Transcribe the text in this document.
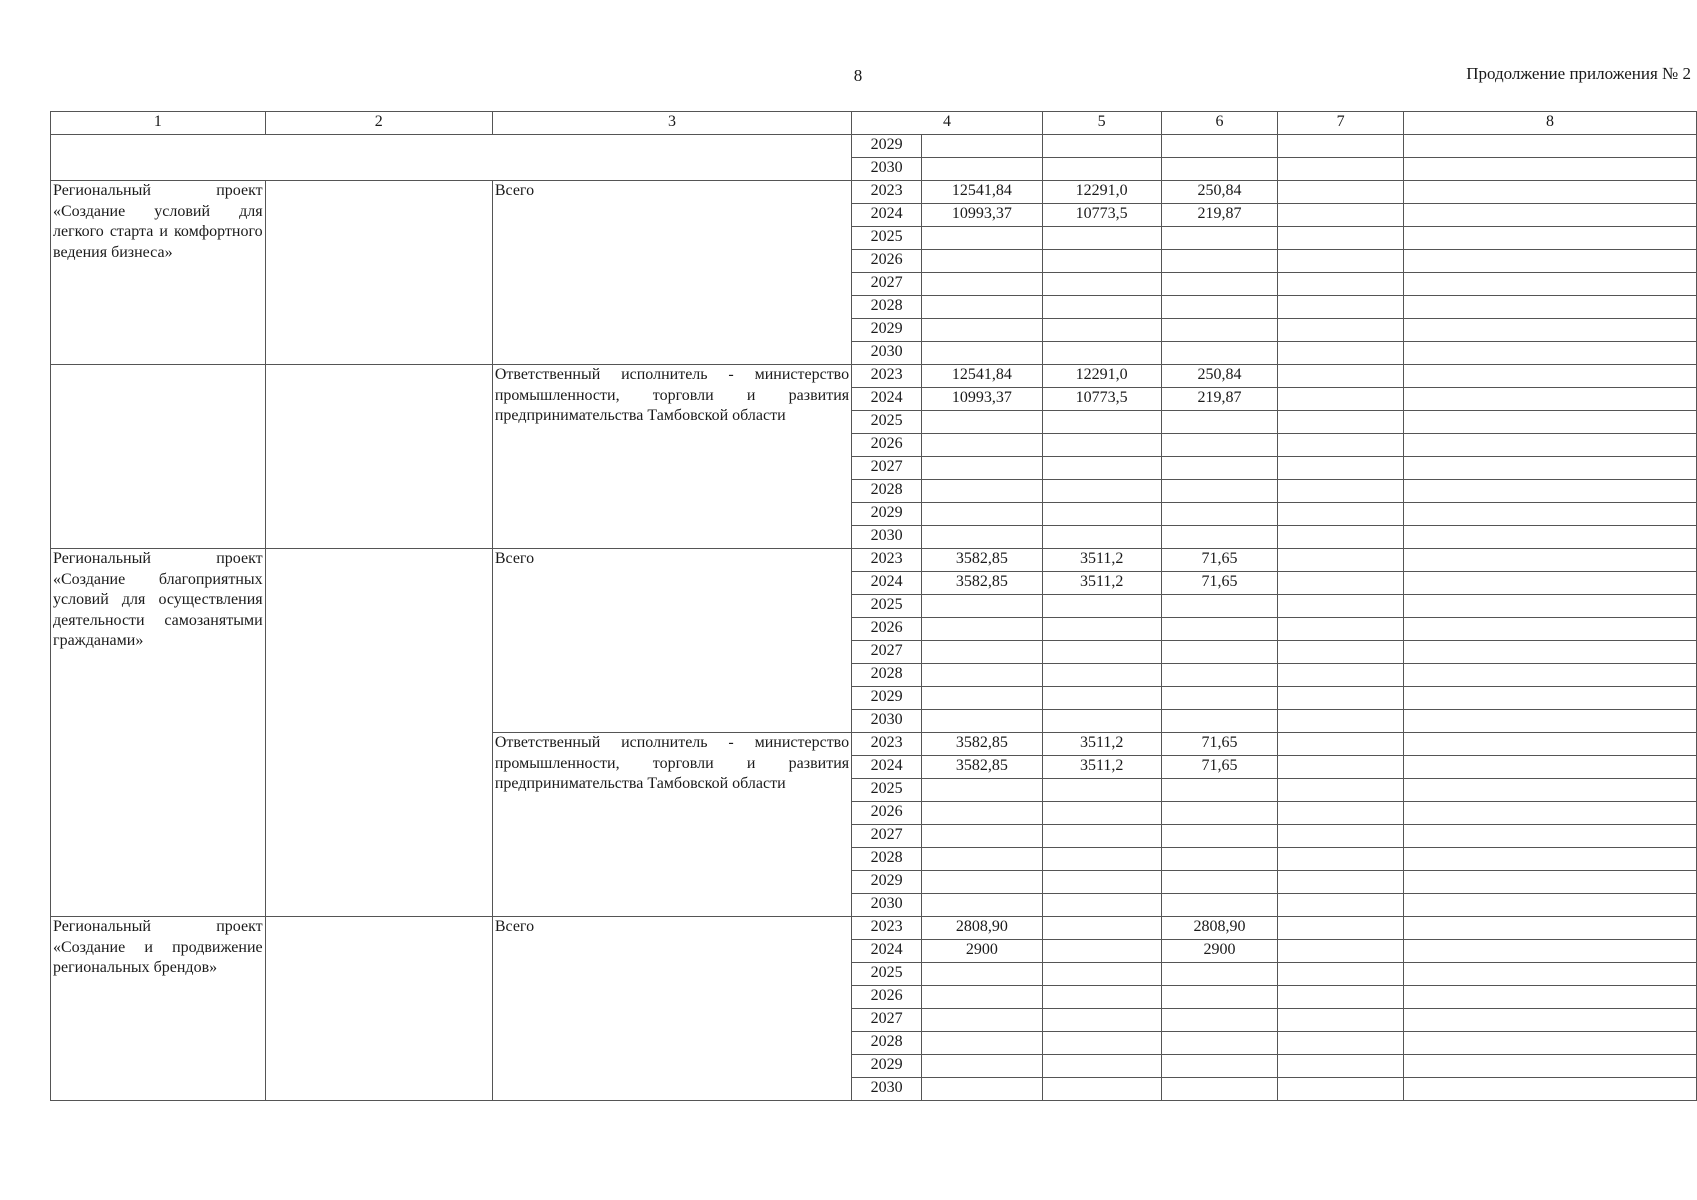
8	Продолжение приложения № 2
1	2	3	4		5	6	7	8
			2029					
			2030					
Региональный проект «Создание условий для легкого старта и комфортного ведения бизнеса»		Всего	2023	12541,84	12291,0	250,84		
			2024	10993,37	10773,5	219,87		
			2025					
			2026					
			2027					
			2028					
			2029					
			2030					
		Ответственный исполнитель - министерство промышленности, торговли и развития предпринимательства Тамбовской области	2023	12541,84	12291,0	250,84		
			2024	10993,37	10773,5	219,87		
			2025					
			2026					
			2027					
			2028					
			2029					
			2030					
Региональный проект «Создание благоприятных условий для осуществления деятельности самозанятыми гражданами»		Всего	2023	3582,85	3511,2	71,65		
			2024	3582,85	3511,2	71,65		
			2025					
			2026					
			2027					
			2028					
			2029					
			2030					
		Ответственный исполнитель - министерство промышленности, торговли и развития предпринимательства Тамбовской области	2023	3582,85	3511,2	71,65		
			2024	3582,85	3511,2	71,65		
			2025					
			2026					
			2027					
			2028					
			2029					
			2030					
Региональный проект «Создание и продвижение региональных брендов»		Всего	2023	2808,90		2808,90		
			2024	2900		2900		
			2025					
			2026					
			2027					
			2028					
			2029					
			2030					
